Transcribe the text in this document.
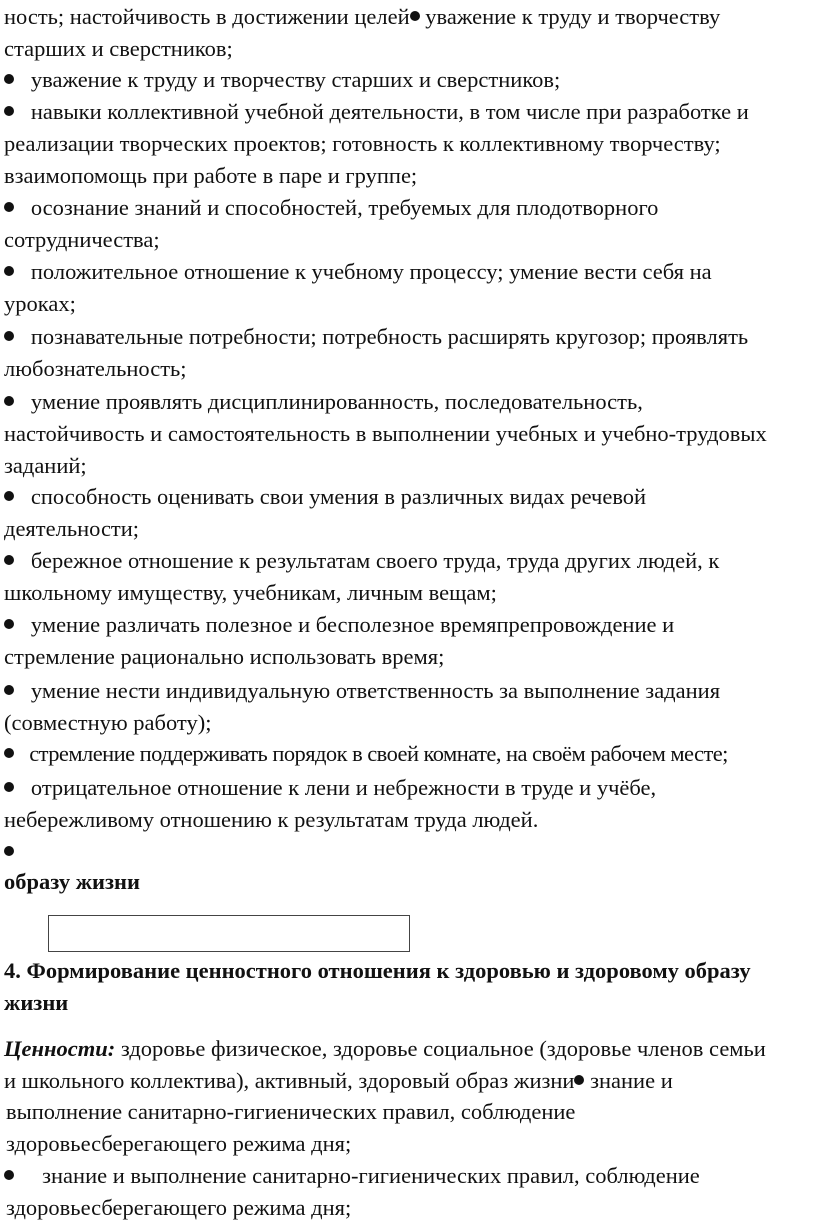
ность; настойчивость в достижении целей уважение к труду и творчеству
старших и сверстников;
уважение к труду и творчеству старших и сверстников;
навыки коллективной учебной деятельности, в том числе при разработке и
реализации творческих проектов; готовность к коллективному творчеству;
взаимопомощь при работе в паре и группе;
осознание знаний и способностей, требуемых для плодотворного
сотрудничества;
положительное отношение к учебному процессу; умение вести себя на
уроках;
познавательные потребности; потребность расширять кругозор; проявлять
любознательность;
умение проявлять дисциплинированность, последовательность,
настойчивость и самостоятельность в выполнении учебных и учебно-трудовых
заданий;
способность оценивать свои умения в различных видах речевой
деятельности;
бережное отношение к результатам своего труда, труда других людей, к
школьному имуществу, учебникам, личным вещам;
умение различать полезное и бесполезное времяпрепровождение и
стремление рационально использовать время;
умение нести индивидуальную ответственность за выполнение задания
(совместную работу);
стремление поддерживать порядок в своей комнате, на своём рабочем месте;
отрицательное отношение к лени и небрежности в труде и учёбе,
небережливому отношению к результатам труда людей.
образу жизни
4. Формирование ценностного отношения к здоровью и здоровому образу
жизни
Ценности: здоровье физическое, здоровье социальное (здоровье членов семьи
и школьного коллектива), активный, здоровый образ жизни знание и
выполнение санитарно-гигиенических правил, соблюдение
здоровьесберегающего режима дня;
знание и выполнение санитарно-гигиенических правил, соблюдение
здоровьесберегающего режима дня;
